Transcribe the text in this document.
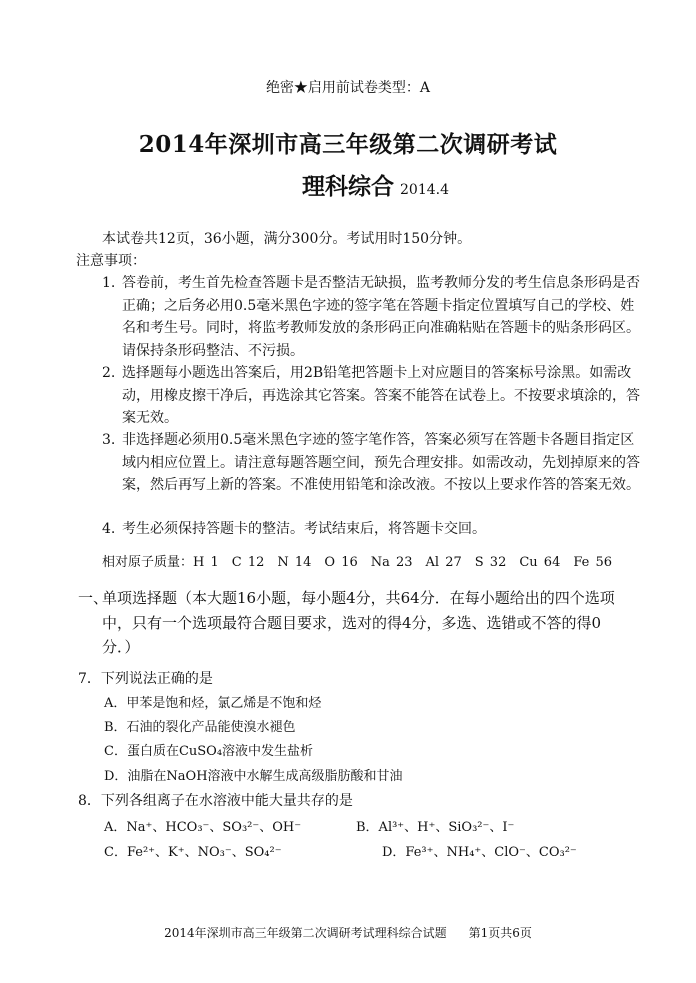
绝密★启用前试卷类型：A
2014年深圳市高三年级第二次调研考试
理科综合 2014.4
本试卷共12页，36小题，满分300分。考试用时150分钟。
注意事项：
1. 答卷前，考生首先检查答题卡是否整洁无缺损，监考教师分发的考生信息条形码是否正确；之后务必用0.5毫米黑色字迹的签字笔在答题卡指定位置填写自己的学校、姓名和考生号。同时，将监考教师发放的条形码正向准确粘贴在答题卡的贴条形码区。请保持条形码整洁、不污损。
2. 选择题每小题选出答案后，用2B铅笔把答题卡上对应题目的答案标号涂黑。如需改动，用橡皮擦干净后，再选涂其它答案。答案不能答在试卷上。不按要求填涂的，答案无效。
3. 非选择题必须用0.5毫米黑色字迹的签字笔作答，答案必须写在答题卡各题目指定区域内相应位置上。请注意每题答题空间，预先合理安排。如需改动，先划掉原来的答案，然后再写上新的答案。不准使用铅笔和涂改液。不按以上要求作答的答案无效。
4. 考生必须保持答题卡的整洁。考试结束后，将答题卡交回。
相对原子质量：H 1　C 12　N 14　O 16　Na 23　Al 27　S 32　Cu 64　Fe 56
一、
单项选择题（本大题16小题，每小题4分，共64分．在每小题给出的四个选项中，只有一个选项最符合题目要求，选对的得4分，多选、选错或不答的得0分．）
7．下列说法正确的是
A．甲苯是饱和烃，氯乙烯是不饱和烃
B．石油的裂化产品能使溴水褪色
C．蛋白质在CuSO₄溶液中发生盐析
D．油脂在NaOH溶液中水解生成高级脂肪酸和甘油
8．下列各组离子在水溶液中能大量共存的是
A．Na⁺、HCO₃⁻、SO₃²⁻、OH⁻	B．Al³⁺、H⁺、SiO₃²⁻、I⁻
C．Fe²⁺、K⁺、NO₃⁻、SO₄²⁻	D．Fe³⁺、NH₄⁺、ClO⁻、CO₃²⁻
2014年深圳市高三年级第二次调研考试理科综合试题 第1页共6页
